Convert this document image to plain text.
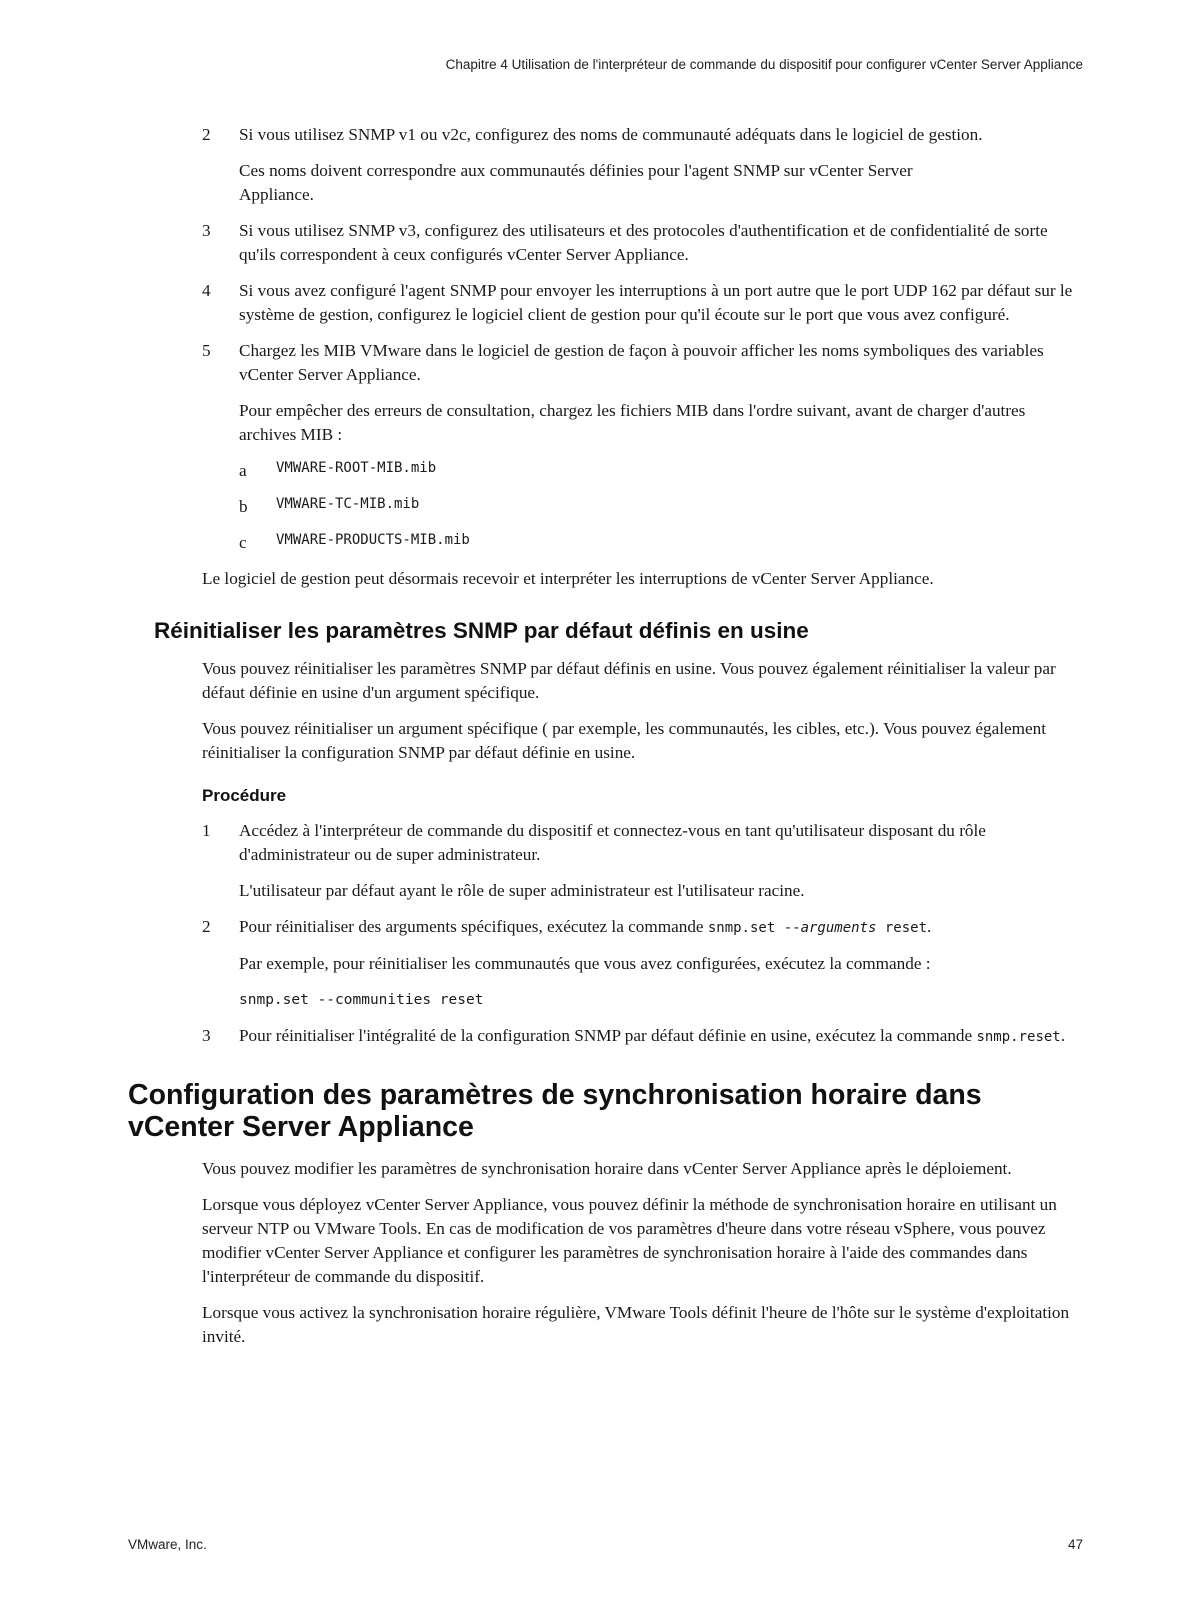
Chapitre 4 Utilisation de l'interpréteur de commande du dispositif pour configurer vCenter Server Appliance
2 Si vous utilisez SNMP v1 ou v2c, configurez des noms de communauté adéquats dans le logiciel de gestion.

Ces noms doivent correspondre aux communautés définies pour l'agent SNMP sur vCenter Server Appliance.

3 Si vous utilisez SNMP v3, configurez des utilisateurs et des protocoles d'authentification et de confidentialité de sorte qu'ils correspondent à ceux configurés vCenter Server Appliance.

4 Si vous avez configuré l'agent SNMP pour envoyer les interruptions à un port autre que le port UDP 162 par défaut sur le système de gestion, configurez le logiciel client de gestion pour qu'il écoute sur le port que vous avez configuré.

5 Chargez les MIB VMware dans le logiciel de gestion de façon à pouvoir afficher les noms symboliques des variables vCenter Server Appliance.

Pour empêcher des erreurs de consultation, chargez les fichiers MIB dans l'ordre suivant, avant de charger d'autres archives MIB :

a VMWARE-ROOT-MIB.mib
b VMWARE-TC-MIB.mib
c VMWARE-PRODUCTS-MIB.mib

Le logiciel de gestion peut désormais recevoir et interpréter les interruptions de vCenter Server Appliance.

Réinitialiser les paramètres SNMP par défaut définis en usine

Vous pouvez réinitialiser les paramètres SNMP par défaut définis en usine. Vous pouvez également réinitialiser la valeur par défaut définie en usine d'un argument spécifique.

Vous pouvez réinitialiser un argument spécifique ( par exemple, les communautés, les cibles, etc.). Vous pouvez également réinitialiser la configuration SNMP par défaut définie en usine.

Procédure
1 Accédez à l'interpréteur de commande du dispositif et connectez-vous en tant qu'utilisateur disposant du rôle d'administrateur ou de super administrateur.

L'utilisateur par défaut ayant le rôle de super administrateur est l'utilisateur racine.

2 Pour réinitialiser des arguments spécifiques, exécutez la commande snmp.set --arguments reset.

Par exemple, pour réinitialiser les communautés que vous avez configurées, exécutez la commande :

snmp.set --communities reset

3 Pour réinitialiser l'intégralité de la configuration SNMP par défaut définie en usine, exécutez la commande snmp.reset.

Configuration des paramètres de synchronisation horaire dans vCenter Server Appliance

Vous pouvez modifier les paramètres de synchronisation horaire dans vCenter Server Appliance après le déploiement.

Lorsque vous déployez vCenter Server Appliance, vous pouvez définir la méthode de synchronisation horaire en utilisant un serveur NTP ou VMware Tools. En cas de modification de vos paramètres d'heure dans votre réseau vSphere, vous pouvez modifier vCenter Server Appliance et configurer les paramètres de synchronisation horaire à l'aide des commandes dans l'interpréteur de commande du dispositif.

Lorsque vous activez la synchronisation horaire régulière, VMware Tools définit l'heure de l'hôte sur le système d'exploitation invité.

VMware, Inc.	47
